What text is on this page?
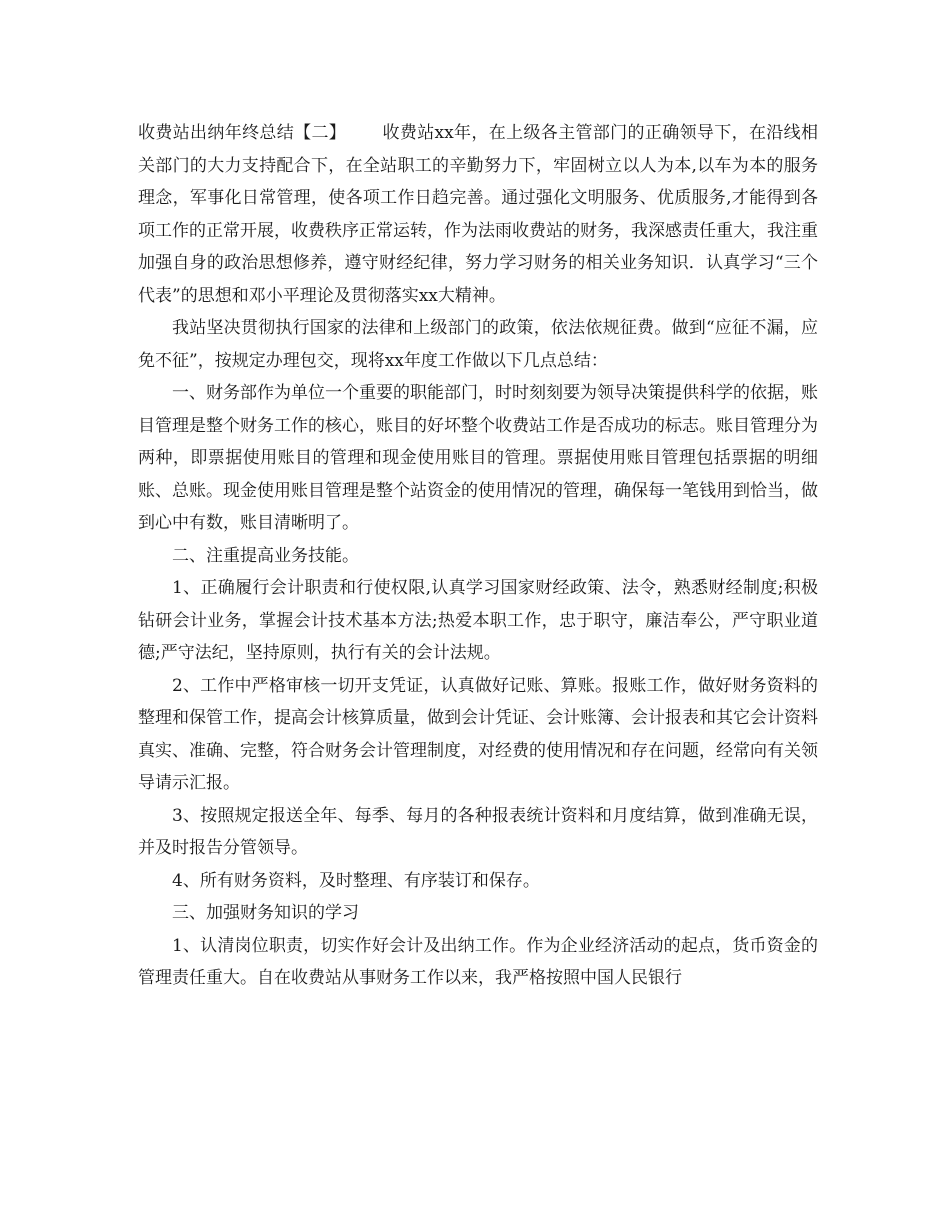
收费站出纳年终总结【二】 收费站xx年，在上级各主管部门的正确领导下，在沿线相关部门的大力支持配合下，在全站职工的辛勤努力下，牢固树立以人为本,以车为本的服务理念，军事化日常管理，使各项工作日趋完善。通过强化文明服务、优质服务,才能得到各项工作的正常开展，收费秩序正常运转，作为法雨收费站的财务，我深感责任重大，我注重加强自身的政治思想修养，遵守财经纪律，努力学习财务的相关业务知识．认真学习“三个代表”的思想和邓小平理论及贯彻落实xx大精神。

我站坚决贯彻执行国家的法律和上级部门的政策，依法依规征费。做到“应征不漏，应免不征”，按规定办理包交，现将xx年度工作做以下几点总结：

一、财务部作为单位一个重要的职能部门，时时刻刻要为领导决策提供科学的依据，账目管理是整个财务工作的核心，账目的好坏整个收费站工作是否成功的标志。账目管理分为两种，即票据使用账目的管理和现金使用账目的管理。票据使用账目管理包括票据的明细账、总账。现金使用账目管理是整个站资金的使用情况的管理，确保每一笔钱用到恰当，做到心中有数，账目清晰明了。

二、注重提高业务技能。

1、正确履行会计职责和行使权限,认真学习国家财经政策、法令，熟悉财经制度;积极钻研会计业务，掌握会计技术基本方法;热爱本职工作，忠于职守，廉洁奉公，严守职业道德;严守法纪，坚持原则，执行有关的会计法规。

2、工作中严格审核一切开支凭证，认真做好记账、算账。报账工作，做好财务资料的整理和保管工作，提高会计核算质量，做到会计凭证、会计账簿、会计报表和其它会计资料真实、准确、完整，符合财务会计管理制度，对经费的使用情况和存在问题，经常向有关领导请示汇报。

3、按照规定报送全年、每季、每月的各种报表统计资料和月度结算，做到准确无误，并及时报告分管领导。

4、所有财务资料，及时整理、有序装订和保存。

三、加强财务知识的学习

1、认清岗位职责，切实作好会计及出纳工作。作为企业经济活动的起点，货币资金的管理责任重大。自在收费站从事财务工作以来，我严格按照中国人民银行
